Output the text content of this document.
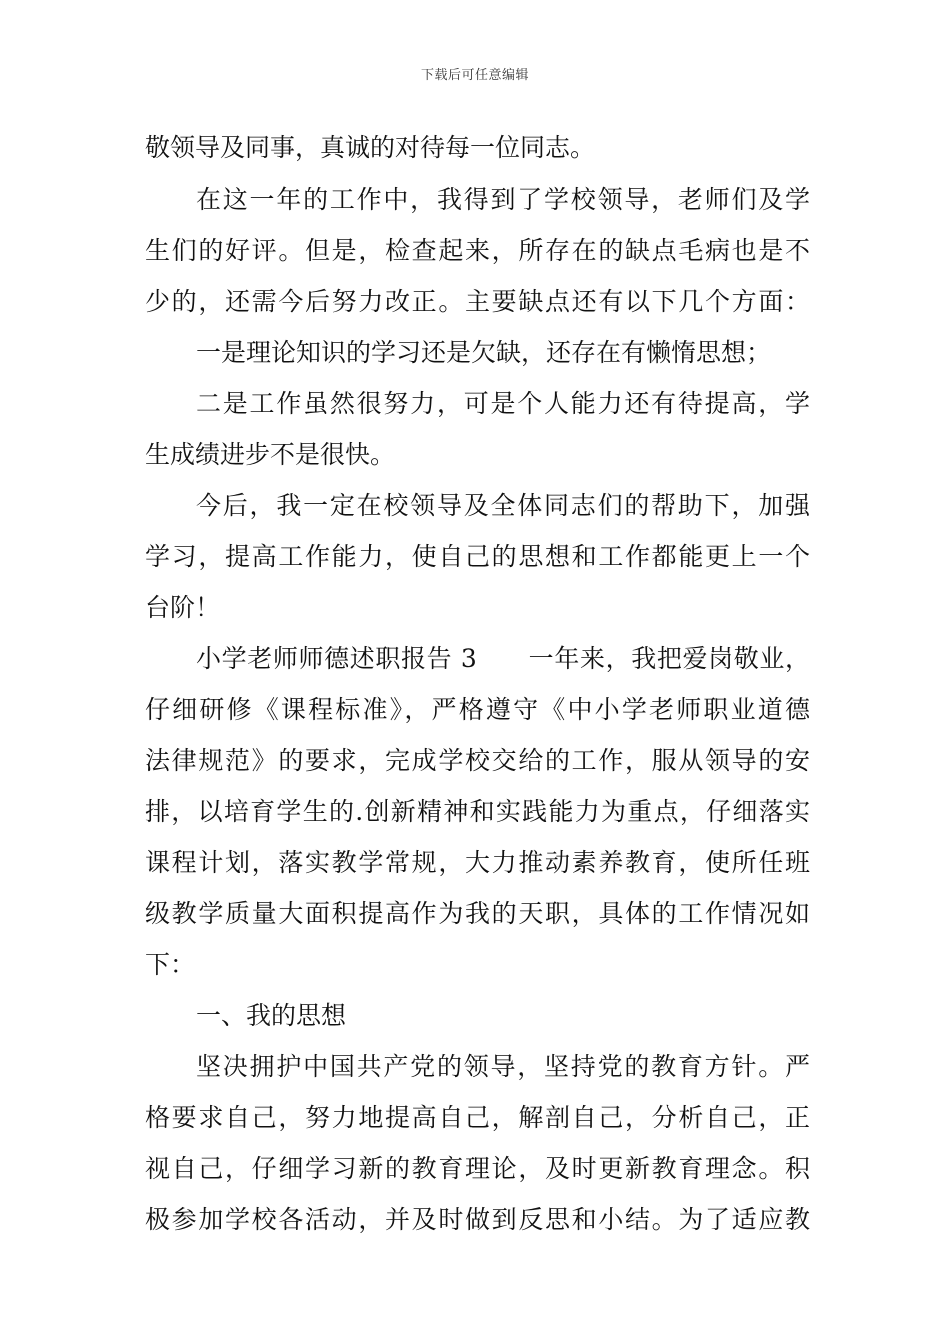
下载后可任意编辑
敬领导及同事，真诚的对待每一位同志。
在这一年的工作中，我得到了学校领导，老师们及学
生们的好评。但是，检查起来，所存在的缺点毛病也是不
少的，还需今后努力改正。主要缺点还有以下几个方面：
一是理论知识的学习还是欠缺，还存在有懒惰思想；
二是工作虽然很努力，可是个人能力还有待提高，学
生成绩进步不是很快。
今后，我一定在校领导及全体同志们的帮助下，加强
学习，提高工作能力，使自己的思想和工作都能更上一个
台阶！
小学老师师德述职报告 3　　一年来，我把爱岗敬业，
仔细研修《课程标准》，严格遵守《中小学老师职业道德
法律规范》的要求，完成学校交给的工作，服从领导的安
排，以培育学生的.创新精神和实践能力为重点，仔细落实
课程计划，落实教学常规，大力推动素养教育，使所任班
级教学质量大面积提高作为我的天职，具体的工作情况如
下：
一、我的思想
坚决拥护中国共产党的领导，坚持党的教育方针。严
格要求自己，努力地提高自己，解剖自己，分析自己，正
视自己，仔细学习新的教育理论，及时更新教育理念。积
极参加学校各活动，并及时做到反思和小结。为了适应教
